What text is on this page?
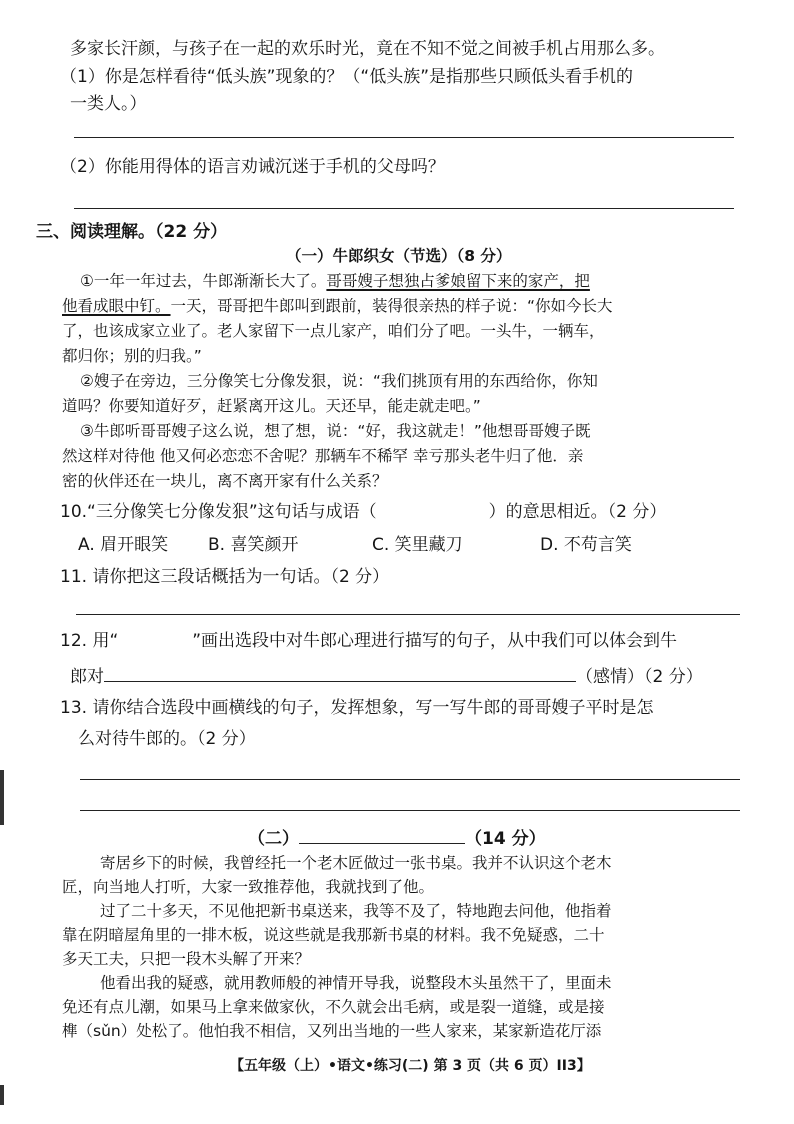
多家长汗颜，与孩子在一起的欢乐时光，竟在不知不觉之间被手机占用那么多。
（1）你是怎样看待“低头族”现象的？（“低头族”是指那些只顾低头看手机的
一类人。）
（2）你能用得体的语言劝诫沉迷于手机的父母吗？
三、阅读理解。（22 分）
（一）牛郎织女（节选）（8 分）
①一年一年过去，牛郎渐渐长大了。哥哥嫂子想独占爹娘留下来的家产，把
他看成眼中钉。一天，哥哥把牛郎叫到跟前，装得很亲热的样子说：“你如今长大
了，也该成家立业了。老人家留下一点儿家产，咱们分了吧。一头牛，一辆车，
都归你；别的归我。”
②嫂子在旁边，三分像笑七分像发狠，说：“我们挑顶有用的东西给你，你知
道吗？你要知道好歹，赶紧离开这儿。天还早，能走就走吧。”
③牛郎听哥哥嫂子这么说，想了想，说：“好，我这就走！”他想哥哥嫂子既
然这样对待他 他又何必恋恋不舍呢？那辆车不稀罕 幸亏那头老牛归了他．亲
密的伙伴还在一块儿，离不离开家有什么关系？
10.“三分像笑七分像发狠”这句话与成语（	）的意思相近。（2 分）
A. 眉开眼笑 B. 喜笑颜开	C. 笑里藏刀	D. 不苟言笑
11. 请你把这三段话概括为一句话。（2 分）
12. 用“	”画出选段中对牛郎心理进行描写的句子，从中我们可以体会到牛
郎对	（感情）（2 分）
13. 请你结合选段中画横线的句子，发挥想象，写一写牛郎的哥哥嫂子平时是怎
么对待牛郎的。（2 分）
（二）	（14 分）
寄居乡下的时候，我曾经托一个老木匠做过一张书桌。我并不认识这个老木
匠，向当地人打听，大家一致推荐他，我就找到了他。
过了二十多天，不见他把新书桌送来，我等不及了，特地跑去问他，他指着
靠在阴暗屋角里的一排木板，说这些就是我那新书桌的材料。我不免疑惑，二十
多天工夫，只把一段木头解了开来？
他看出我的疑惑，就用教师般的神情开导我，说整段木头虽然干了，里面未
免还有点儿潮，如果马上拿来做家伙，不久就会出毛病，或是裂一道缝，或是接
榫（sǔn）处松了。他怕我不相信，又列出当地的一些人家来，某家新造花厅添
【五年级（上）•语文•练习(二) 第 3 页（共 6 页）II3】
